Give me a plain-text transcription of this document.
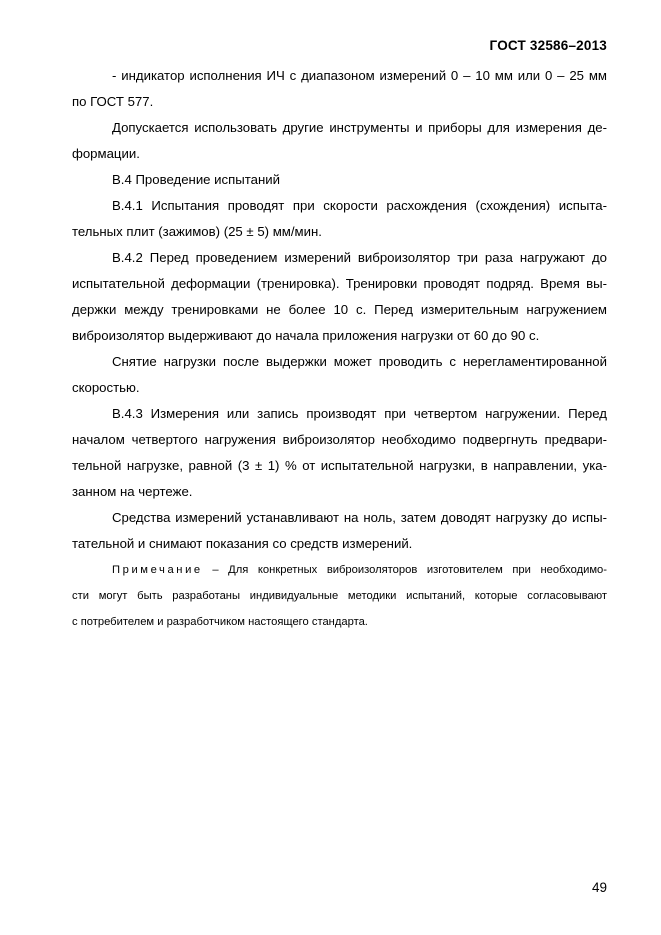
ГОСТ 32586–2013

- индикатор исполнения ИЧ с диапазоном измерений 0 – 10 мм или 0 – 25 мм
по ГОСТ 577.

Допускается использовать другие инструменты и приборы для измерения де-
формации.

В.4 Проведение испытаний

В.4.1 Испытания проводят при скорости расхождения (схождения) испыта-
тельных плит (зажимов) (25 ± 5) мм/мин.

В.4.2 Перед проведением измерений виброизолятор три раза нагружают до
испытательной деформации (тренировка). Тренировки проводят подряд. Время вы-
держки между тренировками не более 10 с. Перед измерительным нагружением
виброизолятор выдерживают до начала приложения нагрузки от 60 до 90 с.

Снятие нагрузки после выдержки может проводить с нерегламентированной
скоростью.

В.4.3 Измерения или запись производят при четвертом нагружении. Перед
началом четвертого нагружения виброизолятор необходимо подвергнуть предвари-
тельной нагрузке, равной (3 ± 1) % от испытательной нагрузки, в направлении, ука-
занном на чертеже.

Средства измерений устанавливают на ноль, затем доводят нагрузку до испы-
тательной и снимают показания со средств измерений.

Примечание – Для конкретных виброизоляторов изготовителем при необходимо-
сти могут быть разработаны индивидуальные методики испытаний, которые согласовывают
с потребителем и разработчиком настоящего стандарта.

49
